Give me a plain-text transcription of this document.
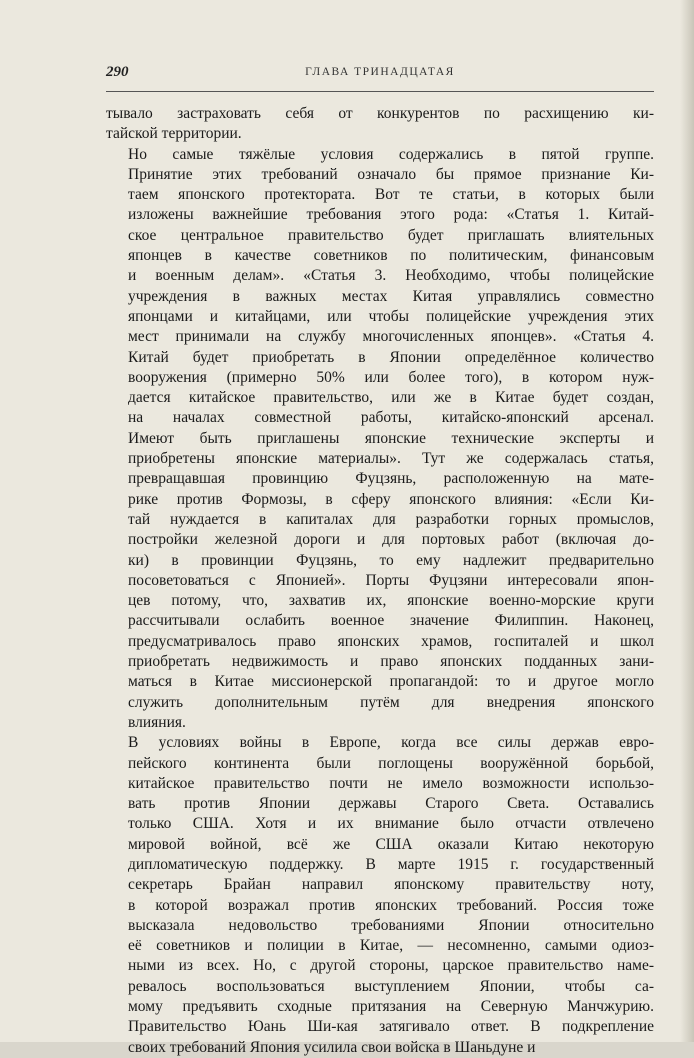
290	ГЛАВА ТРИНАДЦАТАЯ

тывало застраховать себя от конкурентов по расхищению ки-
тайской территории.

Но самые тяжёлые условия содержались в пятой группе.
Принятие этих требований означало бы прямое признание Ки-
таем японского протектората. Вот те статьи, в которых были
изложены важнейшие требования этого рода: «Статья 1. Китай-
ское центральное правительство будет приглашать влиятельных
японцев в качестве советников по политическим, финансовым
и военным делам». «Статья 3. Необходимо, чтобы полицейские
учреждения в важных местах Китая управлялись совместно
японцами и китайцами, или чтобы полицейские учреждения этих
мест принимали на службу многочисленных японцев». «Статья 4.
Китай будет приобретать в Японии определённое количество
вооружения (примерно 50% или более того), в котором нуж-
дается китайское правительство, или же в Китае будет создан,
на началах совместной работы, китайско-японский арсенал.
Имеют быть приглашены японские технические эксперты и
приобретены японские материалы». Тут же содержалась статья,
превращавшая провинцию Фуцзянь, расположенную на мате-
рике против Формозы, в сферу японского влияния: «Если Ки-
тай нуждается в капиталах для разработки горных промыслов,
постройки железной дороги и для портовых работ (включая до-
ки) в провинции Фуцзянь, то ему надлежит предварительно
посоветоваться с Японией». Порты Фуцзяни интересовали япон-
цев потому, что, захватив их, японские военно-морские круги
рассчитывали ослабить военное значение Филиппин. Наконец,
предусматривалось право японских храмов, госпиталей и школ
приобретать недвижимость и право японских подданных зани-
маться в Китае миссионерской пропагандой: то и другое могло
служить дополнительным путём для внедрения японского
влияния.

В условиях войны в Европе, когда все силы держав евро-
пейского континента были поглощены вооружённой борьбой,
китайское правительство почти не имело возможности использо-
вать против Японии державы Старого Света. Оставались
только США. Хотя и их внимание было отчасти отвлечено
мировой войной, всё же США оказали Китаю некоторую
дипломатическую поддержку. В марте 1915 г. государственный
секретарь Брайан направил японскому правительству ноту,
в которой возражал против японских требований. Россия тоже
высказала недовольство требованиями Японии относительно
её советников и полиции в Китае, — несомненно, самыми одиоз-
ными из всех. Но, с другой стороны, царское правительство наме-
ревалось воспользоваться выступлением Японии, чтобы са-
мому предъявить сходные притязания на Северную Манчжурию.
Правительство Юань Ши-кая затягивало ответ. В подкрепление
своих требований Япония усилила свои войска в Шаньдуне и
